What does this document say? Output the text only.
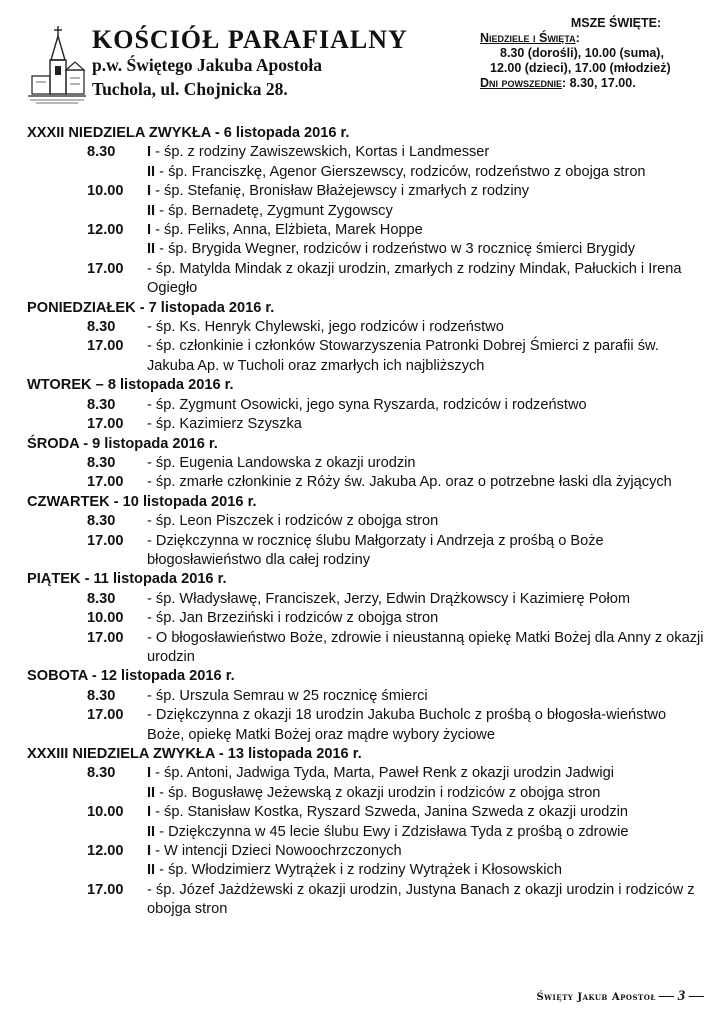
KOŚCIÓŁ PARAFIALNY
p.w. Świętego Jakuba Apostoła
Tuchola, ul. Chojnicka 28.
MSZE ŚWIĘTE:
Niedziele i Święta:
8.30 (dorośli), 10.00 (suma),
12.00 (dzieci), 17.00 (młodzież)
Dni powszednie: 8.30, 17.00.
XXXII NIEDZIELA ZWYKŁA - 6 listopada 2016 r.
8.30	I - śp. z rodziny Zawiszewskich, Kortas i Landmesser
II - śp. Franciszkę, Agenor Gierszewscy, rodziców, rodzeństwo z obojga stron
10.00	I - śp. Stefanię, Bronisław Błażejewscy i zmarłych z rodziny
II - śp. Bernadetę, Zygmunt Zygowscy
12.00	I - śp. Feliks, Anna, Elżbieta, Marek Hoppe
II - śp. Brygida Wegner, rodziców i rodzeństwo w 3 rocznicę śmierci Brygidy
17.00	- śp. Matylda Mindak z okazji urodzin, zmarłych z rodziny Mindak, Pałuckich i Irena Ogiegło
PONIEDZIAŁEK - 7 listopada 2016 r.
8.30	- śp. Ks. Henryk Chylewski, jego rodziców i rodzeństwo
17.00	- śp. członkinie i członków Stowarzyszenia Patronki Dobrej Śmierci z parafii św. Jakuba Ap. w Tucholi oraz zmarłych ich najbliższych
WTOREK – 8 listopada 2016 r.
8.30	- śp. Zygmunt Osowicki, jego syna Ryszarda, rodziców i rodzeństwo
17.00	- śp. Kazimierz Szyszka
ŚRODA - 9 listopada 2016 r.
8.30	- śp. Eugenia Landowska z okazji urodzin
17.00	- śp. zmarłe członkinie z Róży św. Jakuba Ap. oraz o potrzebne łaski dla żyjących
CZWARTEK - 10 listopada 2016 r.
8.30	- śp. Leon Piszczek i rodziców z obojga stron
17.00	- Dziękczynna w rocznicę ślubu Małgorzaty i Andrzeja z prośbą o Boże błogosławieństwo dla całej rodziny
PIĄTEK - 11 listopada 2016 r.
8.30	- śp. Władysławę, Franciszek, Jerzy, Edwin Drążkowscy i Kazimierę Połom
10.00	- śp. Jan Brzeziński i rodziców z obojga stron
17.00	- O błogosławieństwo Boże, zdrowie i nieustanną opiekę Matki Bożej dla Anny z okazji urodzin
SOBOTA - 12 listopada 2016 r.
8.30	- śp. Urszula Semrau w 25 rocznicę śmierci
17.00	- Dziękczynna z okazji 18 urodzin Jakuba Bucholc z prośbą o błogosła-wieństwo Boże, opiekę Matki Bożej oraz mądre wybory życiowe
XXXIII NIEDZIELA ZWYKŁA - 13 listopada 2016 r.
8.30	I - śp. Antoni, Jadwiga Tyda, Marta, Paweł Renk z okazji urodzin Jadwigi
II - śp. Bogusławę Jeżewską z okazji urodzin i rodziców z obojga stron
10.00	I - śp. Stanisław Kostka, Ryszard Szweda, Janina Szweda z okazji urodzin
II - Dziękczynna w 45 lecie ślubu Ewy i Zdzisława Tyda z prośbą o zdrowie
12.00	I - W intencji Dzieci Nowoochrzczonych
II - śp. Włodzimierz Wytrążek i z rodziny Wytrążek i Kłosowskich
17.00	- śp. Józef Jażdżewski z okazji urodzin, Justyna Banach z okazji urodzin i rodziców z obojga stron
Święty Jakub Apostoł — 3 —
